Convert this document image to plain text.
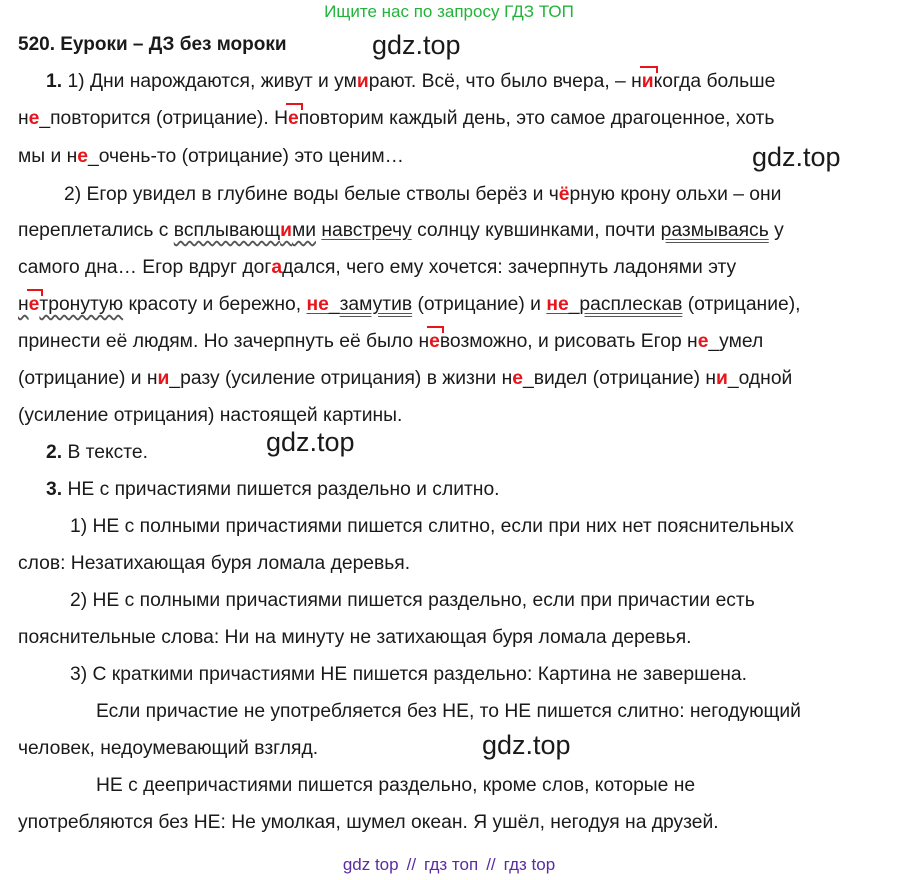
Ищите нас по запросу ГДЗ ТОП
520. Еуроки – ДЗ без мороки	gdz.top
1. 1) Дни нарождаются, живут и умирают. Всё, что было вчера, – никогда больше
не_повторится (отрицание). Неповторим каждый день, это самое драгоценное, хоть
мы и не_очень-то (отрицание) это ценим…	gdz.top
2) Егор увидел в глубине воды белые стволы берёз и чёрную крону ольхи – они
переплетались с всплывающими навстречу солнцу кувшинками, почти размываясь у
самого дна… Егор вдруг догадался, чего ему хочется: зачерпнуть ладонями эту
нетронутую красоту и бережно, не_замутив (отрицание) и не_расплескав (отрицание),
принести её людям. Но зачерпнуть её было невозможно, и рисовать Егор не_умел
(отрицание) и ни_разу (усиление отрицания) в жизни не_видел (отрицание) ни_одной
(усиление отрицания) настоящей картины.
gdz.top
2. В тексте.
3. НЕ с причастиями пишется раздельно и слитно.
1) НЕ с полными причастиями пишется слитно, если при них нет пояснительных
слов: Незатихающая буря ломала деревья.
2) НЕ с полными причастиями пишется раздельно, если при причастии есть
пояснительные слова: Ни на минуту не затихающая буря ломала деревья.
3) С краткими причастиями НЕ пишется раздельно: Картина не завершена.
Если причастие не употребляется без НЕ, то НЕ пишется слитно: негодующий
человек, недоумевающий взгляд.	gdz.top
НЕ с деепричастиями пишется раздельно, кроме слов, которые не
употребляются без НЕ: Не умолкая, шумел океан. Я ушёл, негодуя на друзей.
gdz top // гдз топ // гдз top
